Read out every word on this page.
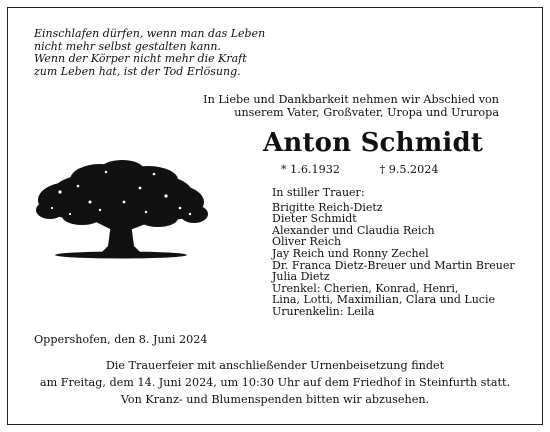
Einschlafen dürfen, wenn man das Leben
nicht mehr selbst gestalten kann.
Wenn der Körper nicht mehr die Kraft
zum Leben hat, ist der Tod Erlösung.
In Liebe und Dankbarkeit nehmen wir Abschied von
unserem Vater, Großvater, Uropa und Ururopa
Anton Schmidt
* 1.6.1932	† 9.5.2024
In stiller Trauer:
Brigitte Reich-Dietz
Dieter Schmidt
Alexander und Claudia Reich
Oliver Reich
Jay Reich und Ronny Zechel
Dr. Franca Dietz-Breuer und Martin Breuer
Julia Dietz
Urenkel: Cherien, Konrad, Henri,
Lina, Lotti, Maximilian, Clara und Lucie
Ururenkelin: Leila
Oppershofen, den 8. Juni 2024
Die Trauerfeier mit anschließender Urnenbeisetzung findet
am Freitag, dem 14. Juni 2024, um 10:30 Uhr auf dem Friedhof in Steinfurth statt.
Von Kranz- und Blumenspenden bitten wir abzusehen.
